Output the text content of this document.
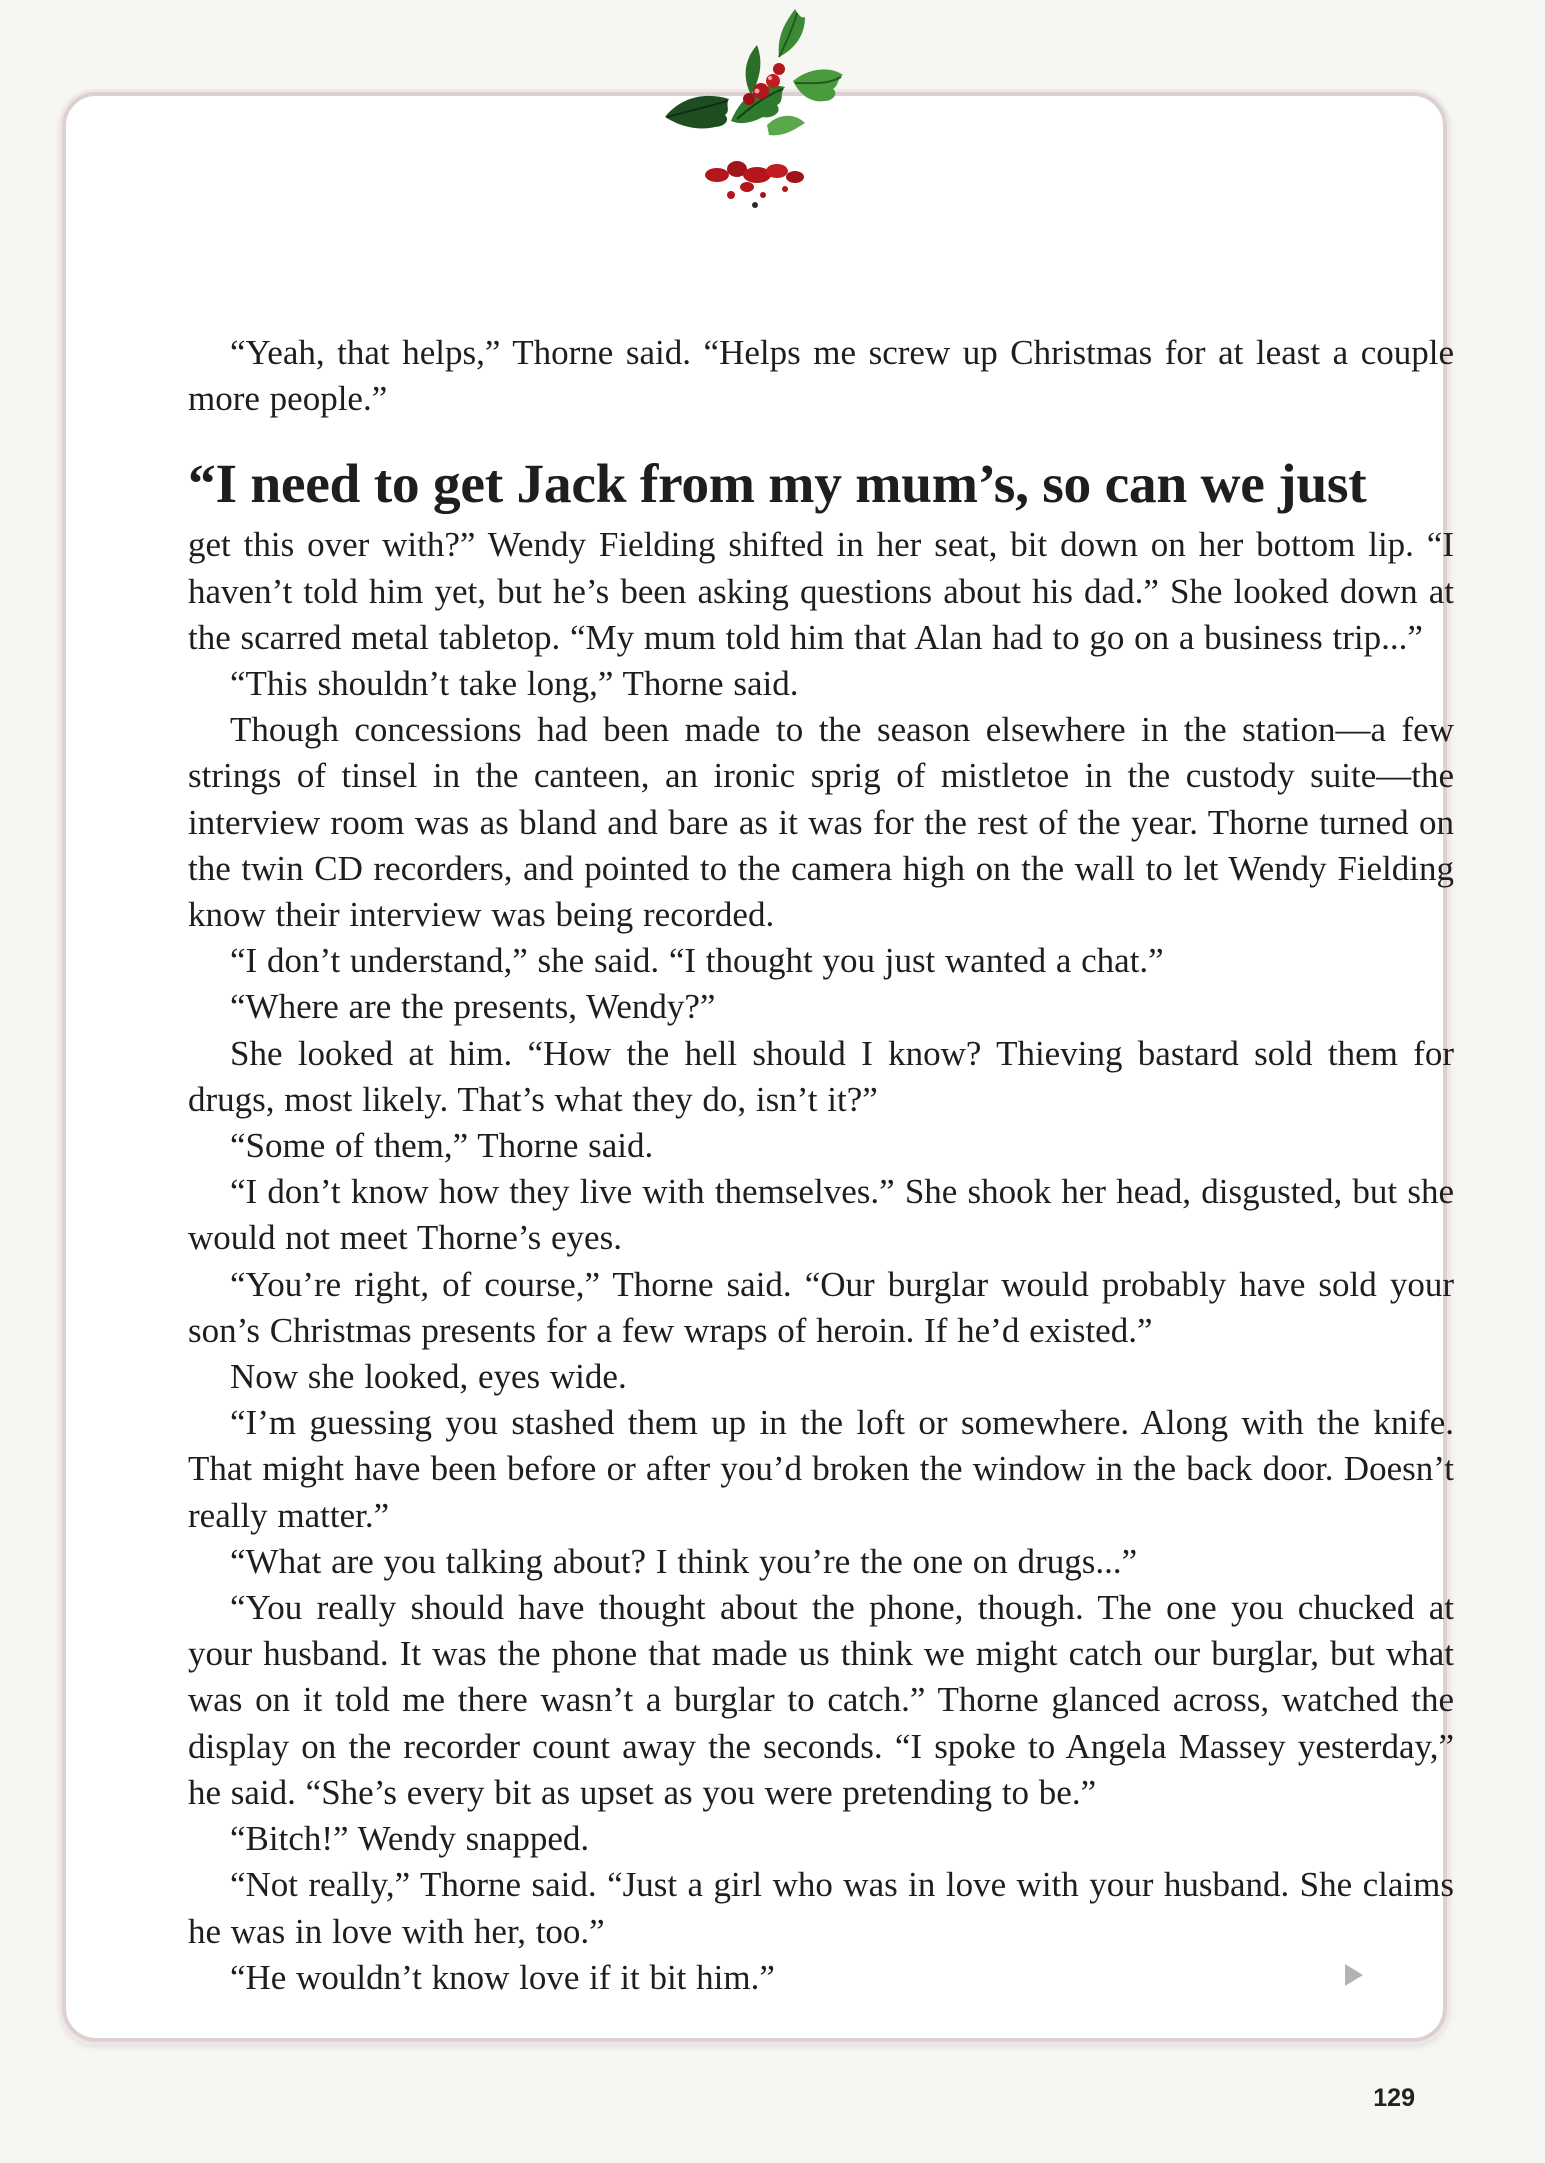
“Yeah, that helps,” Thorne said. “Helps me screw up Christmas for at least a couple more people.”

“I need to get Jack from my mum’s, so can we just

get this over with?” Wendy Fielding shifted in her seat, bit down on her bottom lip. “I haven’t told him yet, but he’s been asking questions about his dad.” She looked down at the scarred metal tabletop. “My mum told him that Alan had to go on a business trip...”

“This shouldn’t take long,” Thorne said.

Though concessions had been made to the season elsewhere in the station—a few strings of tinsel in the canteen, an ironic sprig of mistletoe in the custody suite—the interview room was as bland and bare as it was for the rest of the year. Thorne turned on the twin CD recorders, and pointed to the camera high on the wall to let Wendy Fielding know their interview was being recorded.

“I don’t understand,” she said. “I thought you just wanted a chat.”

“Where are the presents, Wendy?”

She looked at him. “How the hell should I know? Thieving bastard sold them for drugs, most likely. That’s what they do, isn’t it?”

“Some of them,” Thorne said.

“I don’t know how they live with themselves.” She shook her head, disgusted, but she would not meet Thorne’s eyes.

“You’re right, of course,” Thorne said. “Our burglar would probably have sold your son’s Christmas presents for a few wraps of heroin. If he’d existed.”

Now she looked, eyes wide.

“I’m guessing you stashed them up in the loft or somewhere. Along with the knife. That might have been before or after you’d broken the window in the back door. Doesn’t really matter.”

“What are you talking about? I think you’re the one on drugs...”

“You really should have thought about the phone, though. The one you chucked at your husband. It was the phone that made us think we might catch our burglar, but what was on it told me there wasn’t a burglar to catch.” Thorne glanced across, watched the display on the recorder count away the seconds. “I spoke to Angela Massey yesterday,” he said. “She’s every bit as upset as you were pretending to be.”

“Bitch!” Wendy snapped.

“Not really,” Thorne said. “Just a girl who was in love with your husband. She claims he was in love with her, too.”

“He wouldn’t know love if it bit him.”

129
